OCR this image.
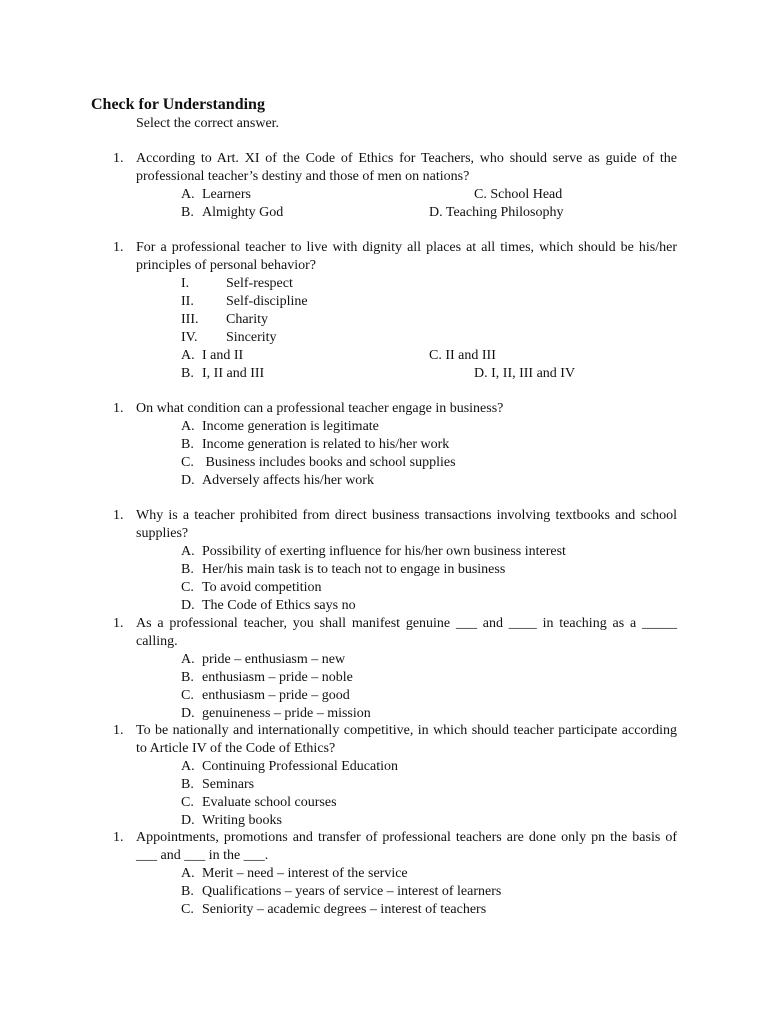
Check for Understanding
Select the correct answer.
1. According to Art. XI of the Code of Ethics for Teachers, who should serve as guide of the professional teacher’s destiny and those of men on nations?
A. Learners	C. School Head
B. Almighty God	D. Teaching Philosophy
1. For a professional teacher to live with dignity all places at all times, which should be his/her principles of personal behavior?
I.	Self-respect
II. Self-discipline
III. Charity
IV. Sincerity
A. I and II	C. II and III
B. I, II and III	D. I, II, III and IV
1. On what condition can a professional teacher engage in business?
A. Income generation is legitimate
B. Income generation is related to his/her work
C. Business includes books and school supplies
D. Adversely affects his/her work
1. Why is a teacher prohibited from direct business transactions involving textbooks and school supplies?
A. Possibility of exerting influence for his/her own business interest
B. Her/his main task is to teach not to engage in business
C. To avoid competition
D. The Code of Ethics says no
1. As a professional teacher, you shall manifest genuine ___ and ____ in teaching as a _____ calling.
A. pride – enthusiasm – new
B. enthusiasm – pride – noble
C. enthusiasm – pride – good
D. genuineness – pride – mission
1. To be nationally and internationally competitive, in which should teacher participate according to Article IV of the Code of Ethics?
A. Continuing Professional Education
B. Seminars
C. Evaluate school courses
D. Writing books
1. Appointments, promotions and transfer of professional teachers are done only pn the basis of ___ and ___ in the ___.
A. Merit – need – interest of the service
B. Qualifications – years of service – interest of learners
C. Seniority – academic degrees – interest of teachers
